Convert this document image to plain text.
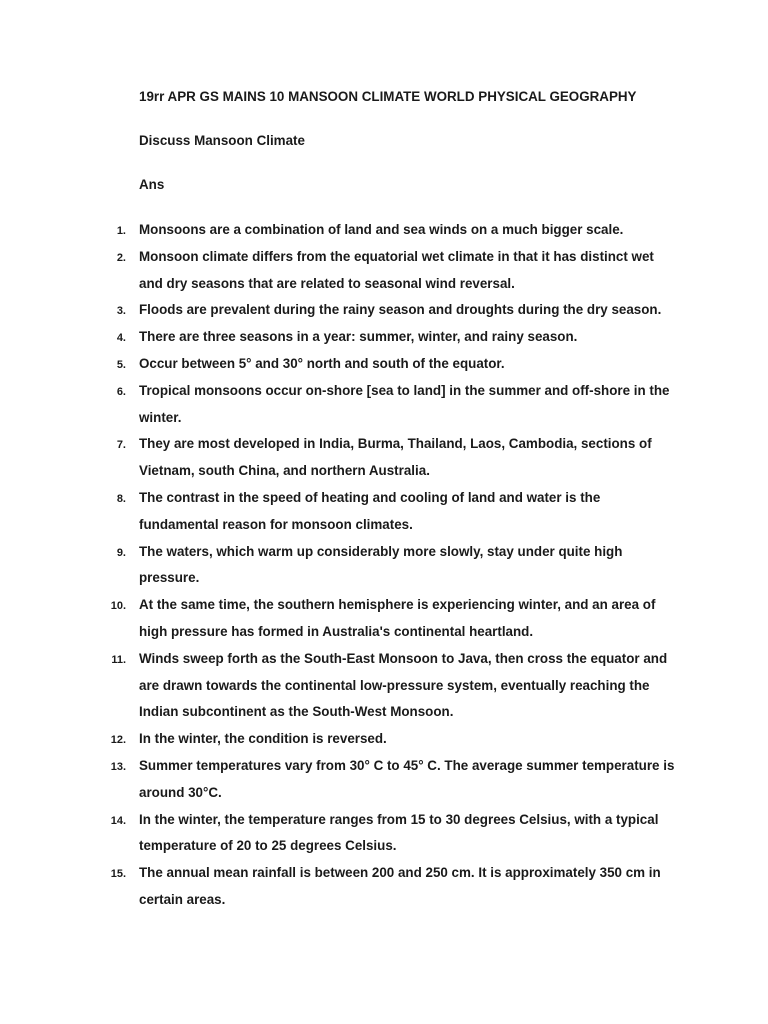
19rr APR GS MAINS 10 MANSOON CLIMATE WORLD PHYSICAL GEOGRAPHY
Discuss Mansoon Climate
Ans
1. Monsoons are a combination of land and sea winds on a much bigger scale.
2. Monsoon climate differs from the equatorial wet climate in that it has distinct wet and dry seasons that are related to seasonal wind reversal.
3. Floods are prevalent during the rainy season and droughts during the dry season.
4. There are three seasons in a year: summer, winter, and rainy season.
5. Occur between 5° and 30° north and south of the equator.
6. Tropical monsoons occur on-shore [sea to land] in the summer and off-shore in the winter.
7. They are most developed in India, Burma, Thailand, Laos, Cambodia, sections of Vietnam, south China, and northern Australia.
8. The contrast in the speed of heating and cooling of land and water is the fundamental reason for monsoon climates.
9. The waters, which warm up considerably more slowly, stay under quite high pressure.
10. At the same time, the southern hemisphere is experiencing winter, and an area of high pressure has formed in Australia's continental heartland.
11. Winds sweep forth as the South-East Monsoon to Java, then cross the equator and are drawn towards the continental low-pressure system, eventually reaching the Indian subcontinent as the South-West Monsoon.
12. In the winter, the condition is reversed.
13. Summer temperatures vary from 30° C to 45° C. The average summer temperature is around 30°C.
14. In the winter, the temperature ranges from 15 to 30 degrees Celsius, with a typical temperature of 20 to 25 degrees Celsius.
15. The annual mean rainfall is between 200 and 250 cm. It is approximately 350 cm in certain areas.
